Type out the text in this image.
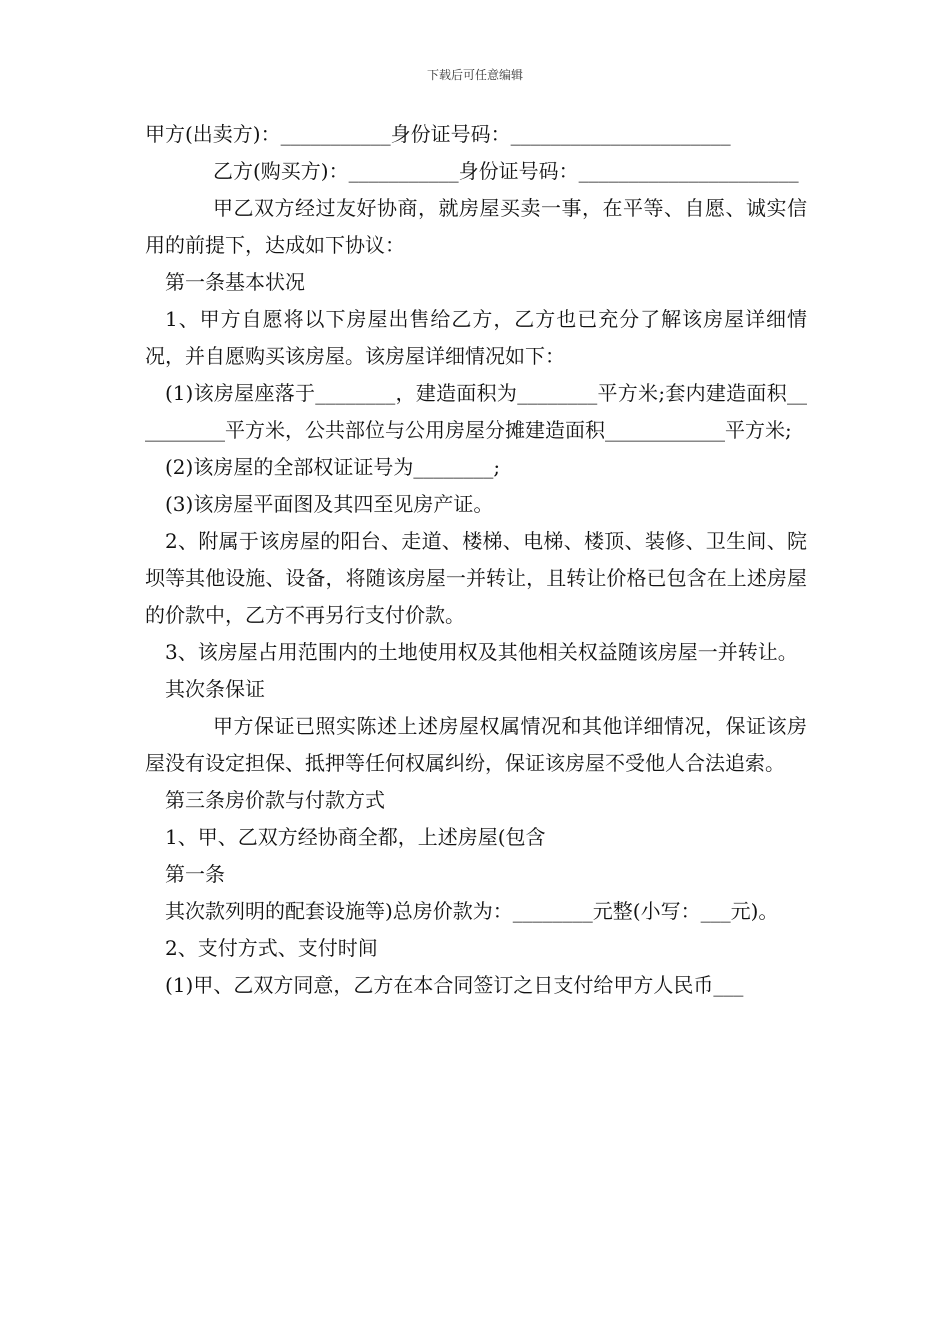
下载后可任意编辑

甲方(出卖方)：___________身份证号码：______________________

乙方(购买方)：___________身份证号码：______________________

甲乙双方经过友好协商，就房屋买卖一事，在平等、自愿、诚实信用的前提下，达成如下协议：

第一条基本状况

1、甲方自愿将以下房屋出售给乙方，乙方也已充分了解该房屋详细情况，并自愿购买该房屋。该房屋详细情况如下：

(1)该房屋座落于________，建造面积为________平方米;套内建造面积__________平方米，公共部位与公用房屋分摊建造面积____________平方米;

(2)该房屋的全部权证证号为________;

(3)该房屋平面图及其四至见房产证。

2、附属于该房屋的阳台、走道、楼梯、电梯、楼顶、装修、卫生间、院坝等其他设施、设备，将随该房屋一并转让，且转让价格已包含在上述房屋的价款中，乙方不再另行支付价款。

3、该房屋占用范围内的土地使用权及其他相关权益随该房屋一并转让。

其次条保证

甲方保证已照实陈述上述房屋权属情况和其他详细情况，保证该房屋没有设定担保、抵押等任何权属纠纷，保证该房屋不受他人合法追索。

第三条房价款与付款方式

1、甲、乙双方经协商全都，上述房屋(包含

第一条

其次款列明的配套设施等)总房价款为：________元整(小写：___元)。

2、支付方式、支付时间

(1)甲、乙双方同意，乙方在本合同签订之日支付给甲方人民币___
